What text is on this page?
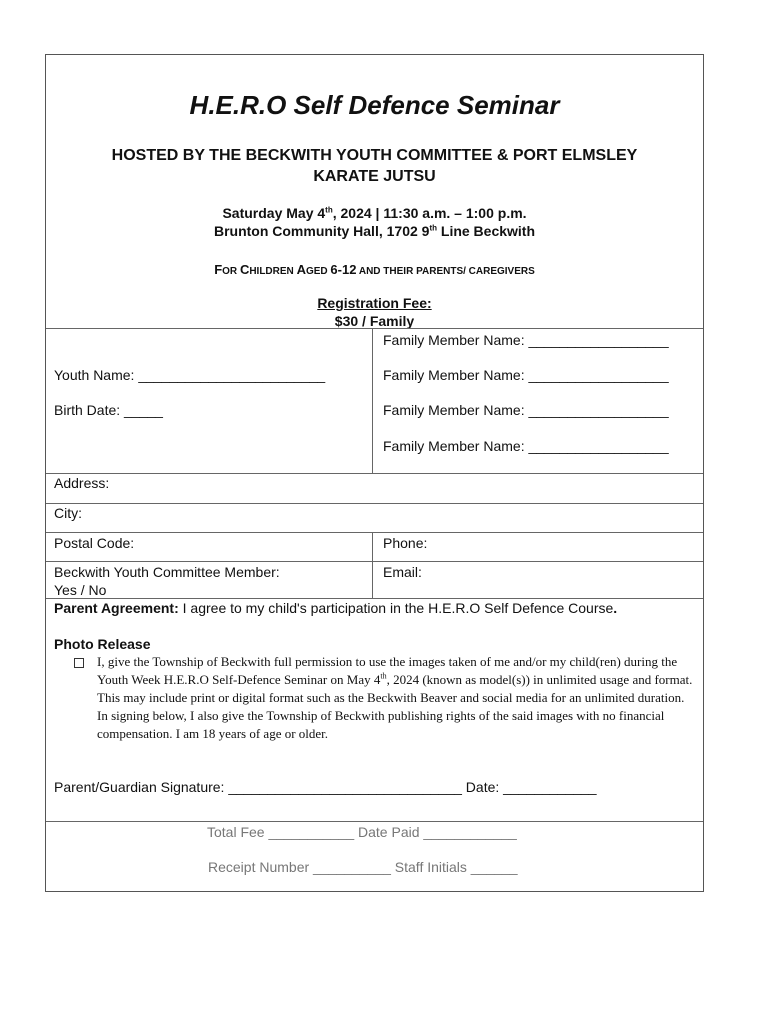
H.E.R.O Self Defence Seminar
HOSTED BY THE BECKWITH YOUTH COMMITTEE & PORT ELMSLEY
KARATE JUTSU
Saturday May 4th, 2024 | 11:30 a.m. – 1:00 p.m.
Brunton Community Hall, 1702 9th Line Beckwith
FOR CHILDREN AGED 6-12 AND THEIR PARENTS/ CAREGIVERS
Registration Fee:
$30 / Family
Youth Name: ________________________
Birth Date: _____
Family Member Name: __________________
Family Member Name: __________________
Family Member Name: __________________
Family Member Name: __________________
Address:
City:
Postal Code:	Phone:
Beckwith Youth Committee Member:
Yes / No
Email:
Parent Agreement: I agree to my child's participation in the H.E.R.O Self Defence Course.
Photo Release
I, give the Township of Beckwith full permission to use the images taken of me and/or my child(ren) during the Youth Week H.E.R.O Self-Defence Seminar on May 4th, 2024 (known as model(s)) in unlimited usage and format. This may include print or digital format such as the Beckwith Beaver and social media for an unlimited duration. In signing below, I also give the Township of Beckwith publishing rights of the said images with no financial compensation. I am 18 years of age or older.
Parent/Guardian Signature: ______________________________ Date: ____________
Total Fee ___________ Date Paid ____________
Receipt Number __________ Staff Initials ______
